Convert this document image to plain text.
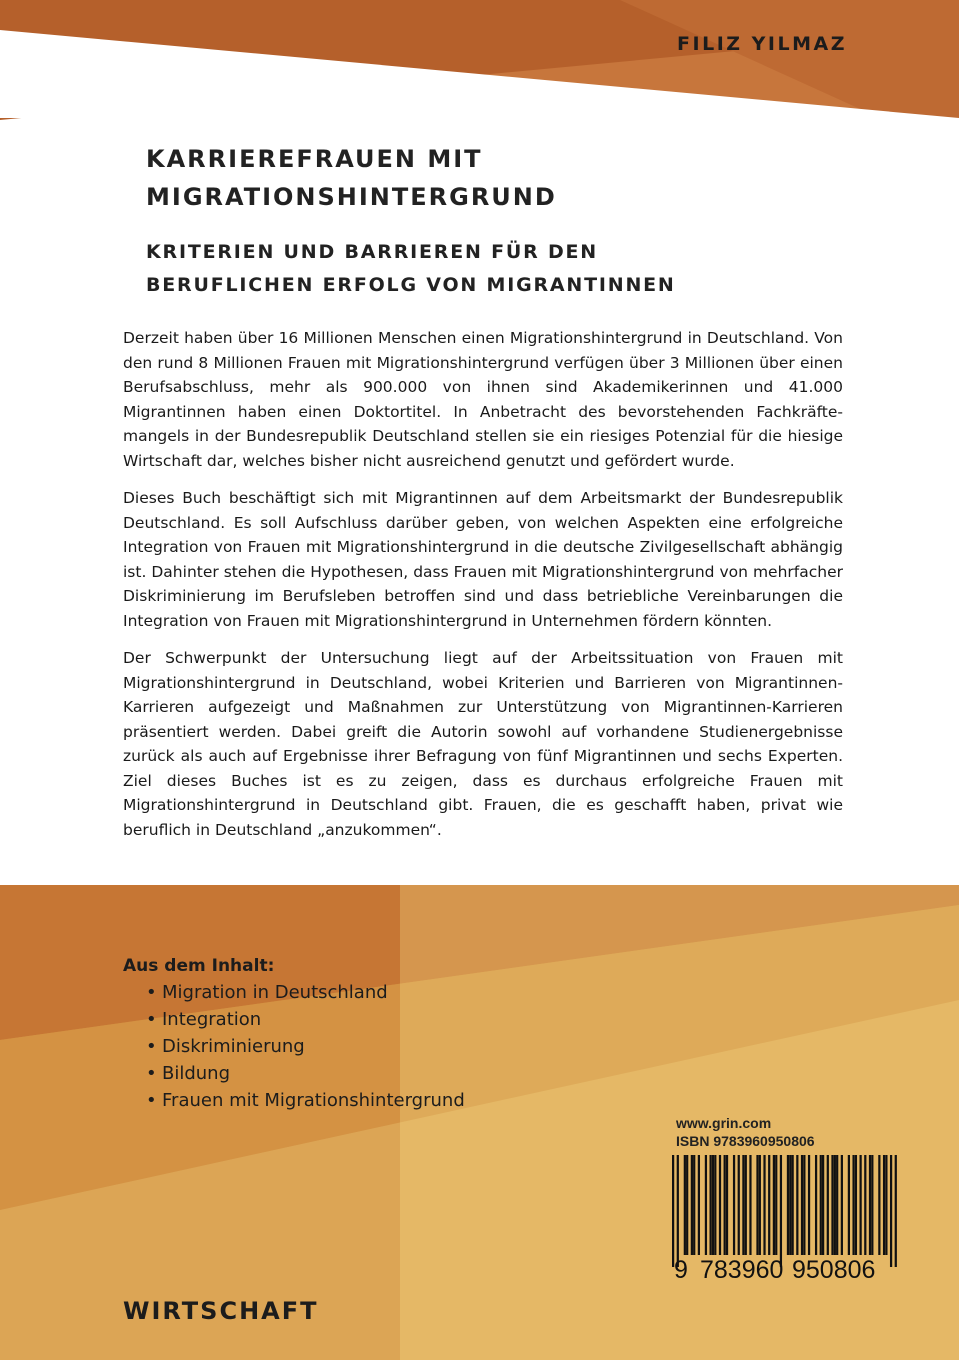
FILIZ YILMAZ
KARRIEREFRAUEN MIT
MIGRATIONSHINTERGRUND
KRITERIEN UND BARRIEREN FÜR DEN
BERUFLICHEN ERFOLG VON MIGRANTINNEN

Derzeit haben über 16 Millionen Menschen einen Migrationshintergrund in Deutschland. Von den rund 8 Millionen Frauen mit Migrationshintergrund verfügen über 3 Millionen über einen Berufsabschluss, mehr als 900.000 von ihnen sind Akademikerinnen und 41.000 Migrantinnen haben einen Doktortitel. In Anbetracht des bevorstehenden Fachkräfte-mangels in der Bundesrepublik Deutschland stellen sie ein riesiges Potenzial für die hiesige Wirtschaft dar, welches bisher nicht ausreichend genutzt und gefördert wurde.

Dieses Buch beschäftigt sich mit Migrantinnen auf dem Arbeitsmarkt der Bundesrepublik Deutschland. Es soll Aufschluss darüber geben, von welchen Aspekten eine erfolgreiche Integration von Frauen mit Migrationshintergrund in die deutsche Zivilgesellschaft abhängig ist. Dahinter stehen die Hypothesen, dass Frauen mit Migrationshintergrund von mehrfacher Diskriminierung im Berufsleben betroffen sind und dass betriebliche Vereinbarungen die Integration von Frauen mit Migrationshintergrund in Unternehmen fördern könnten.

Der Schwerpunkt der Untersuchung liegt auf der Arbeitssituation von Frauen mit Migrationshintergrund in Deutschland, wobei Kriterien und Barrieren von Migrantinnen-Karrieren aufgezeigt und Maßnahmen zur Unterstützung von Migrantinnen-Karrieren präsentiert werden. Dabei greift die Autorin sowohl auf vorhandene Studienergebnisse zurück als auch auf Ergebnisse ihrer Befragung von fünf Migrantinnen und sechs Experten. Ziel dieses Buches ist es zu zeigen, dass es durchaus erfolgreiche Frauen mit Migrationshintergrund in Deutschland gibt. Frauen, die es geschafft haben, privat wie beruflich in Deutschland „anzukommen“.

Aus dem Inhalt:
• Migration in Deutschland
• Integration
• Diskriminierung
• Bildung
• Frauen mit Migrationshintergrund
www.grin.com
ISBN 9783960950806
9 783960 950806
WIRTSCHAFT
